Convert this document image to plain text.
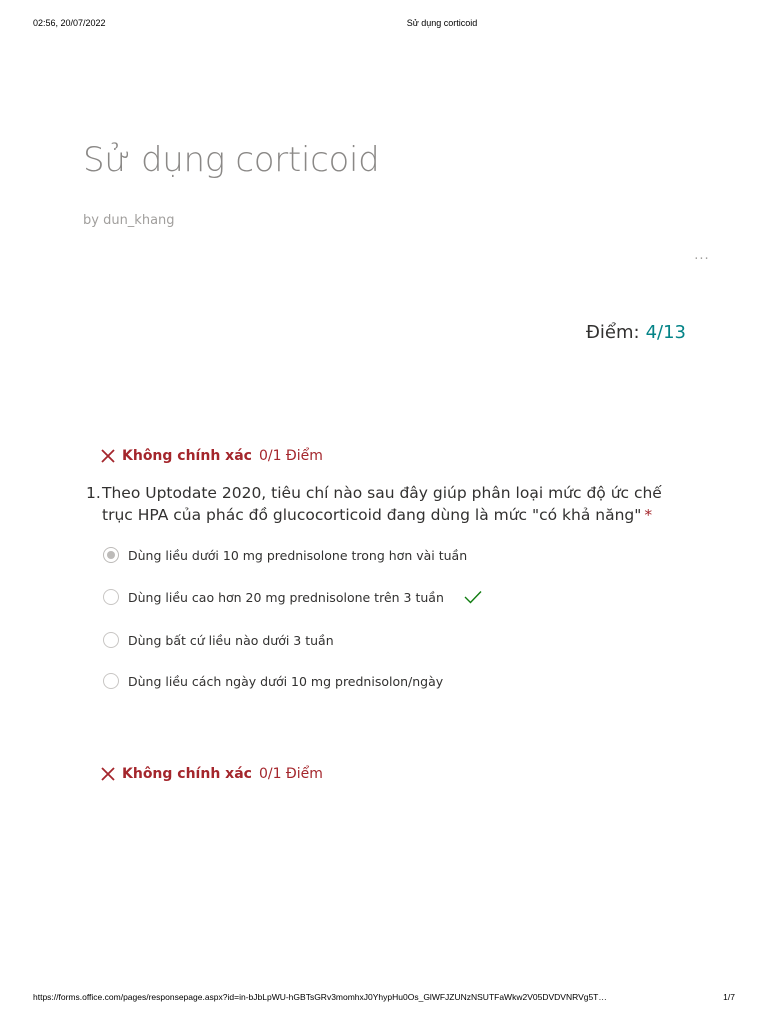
02:56, 20/07/2022	Sử dụng corticoid
Sử dụng corticoid
by dun_khang
···
Điểm: 4/13
Không chính xác 0/1 Điểm
1. Theo Uptodate 2020, tiêu chí nào sau đây giúp phân loại mức độ ức chế trục HPA của phác đồ glucocorticoid đang dùng là mức "có khả năng" *
Dùng liều dưới 10 mg prednisolone trong hơn vài tuần
Dùng liều cao hơn 20 mg prednisolone trên 3 tuần
Dùng bất cứ liều nào dưới 3 tuần
Dùng liều cách ngày dưới 10 mg prednisolon/ngày
Không chính xác 0/1 Điểm
https://forms.office.com/pages/responsepage.aspx?id=in-bJbLpWU-hGBTsGRv3momhxJ0YhypHu0Os_GlWFJZUNzNSUTFaWkw2V05DVDVNRVg5T…	1/7
